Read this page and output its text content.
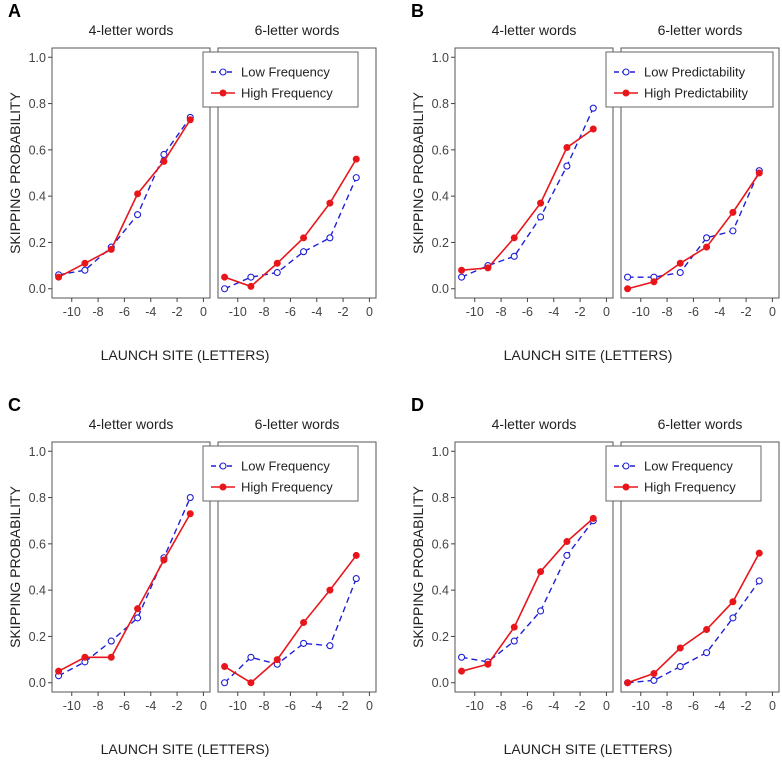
A
SKIPPING PROBABILITY
LAUNCH SITE (LETTERS)
4-letter words
0.0
0.2
0.4
0.6
0.8
1.0
-10 -8 -6 -4 -2 0
6-letter words
-10 -8 -6 -4 -2 0
Low Frequency
High Frequency
B
SKIPPING PROBABILITY
LAUNCH SITE (LETTERS)
4-letter words
0.0
0.2
0.4
0.6
0.8
1.0
-10 -8 -6 -4 -2 0
6-letter words
-10 -8 -6 -4 -2 0
Low Predictability
High Predictability
C
SKIPPING PROBABILITY
LAUNCH SITE (LETTERS)
4-letter words
0.0
0.2
0.4
0.6
0.8
1.0
-10 -8 -6 -4 -2 0
6-letter words
-10 -8 -6 -4 -2 0
Low Frequency
High Frequency
D
SKIPPING PROBABILITY
LAUNCH SITE (LETTERS)
4-letter words
0.0
0.2
0.4
0.6
0.8
1.0
-10 -8 -6 -4 -2 0
6-letter words
-10 -8 -6 -4 -2 0
Low Frequency
High Frequency
